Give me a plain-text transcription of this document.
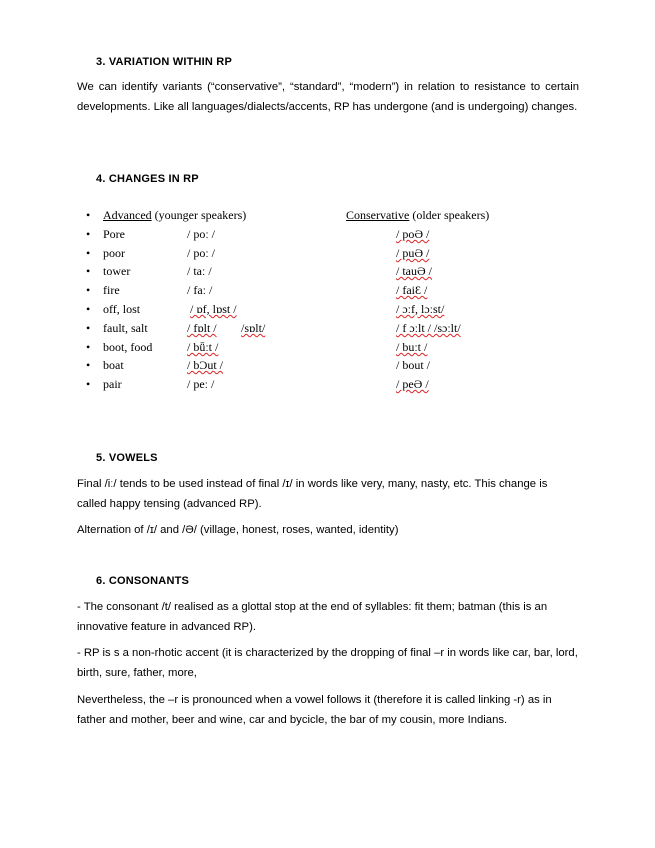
3. VARIATION WITHIN RP
We can identify variants (“conservative”, “standard”, “modern”) in relation to resistance to certain developments. Like all languages/dialects/accents, RP has undergone (and is undergoing) changes.
4. CHANGES IN RP
• Advanced (younger speakers)	Conservative (older speakers)
• Pore	/ poː /	/ poƏ /
• poor	/ poː /	/ puƏ /
• tower	/ taː /	/ tauƏ /
• fire	/ faː /	/ faiƐ /
• off, lost	/ ɒf, lɒst /	/ ɔːf, lɔːst/
• fault, salt	/ fɒlt / /sɒlt/	/ f ɔːlt / /sɔːlt/
• boot, food	/ bǖːt /	/ buːt /
• boat	/ bƆut /	/ bout /
• pair	/ peː /	/ peƏ /
5. VOWELS
Final /iː/ tends to be used instead of final /ɪ/ in words like very, many, nasty, etc. This change is called happy tensing (advanced RP).
Alternation of /ɪ/ and /Ə/ (village, honest, roses, wanted, identity)
6. CONSONANTS
- The consonant /t/ realised as a glottal stop at the end of syllables: fit them; batman (this is an innovative feature in advanced RP).
- RP is s a non-rhotic accent (it is characterized by the dropping of final –r in words like car, bar, lord, birth, sure, father, more,
Nevertheless, the –r is pronounced when a vowel follows it (therefore it is called linking -r) as in father and mother, beer and wine, car and bycicle, the bar of my cousin, more Indians.
